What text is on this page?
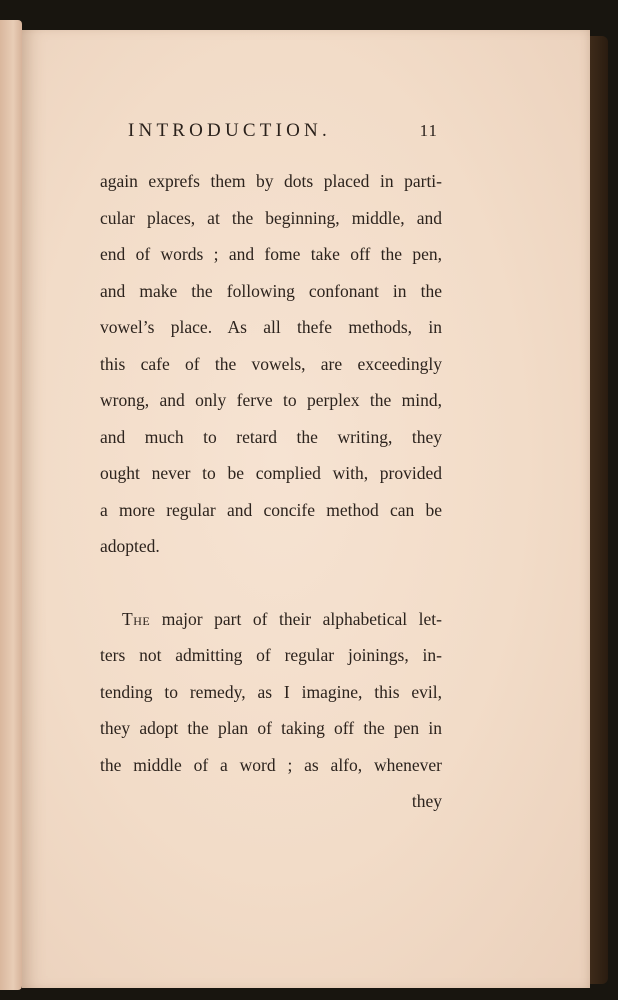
INTRODUCTION.	11
again exprefs them by dots placed in parti-
cular places, at the beginning, middle, and
end of words ; and fome take off the pen,
and make the following confonant in the
vowel’s place. As all thefe methods, in
this cafe of the vowels, are exceedingly
wrong, and only ferve to perplex the mind,
and much to retard the writing, they
ought never to be complied with, provided
a more regular and concife method can be
adopted.
The major part of their alphabetical let-
ters not admitting of regular joinings, in-
tending to remedy, as I imagine, this evil,
they adopt the plan of taking off the pen in
the middle of a word ; as alfo, whenever
they
